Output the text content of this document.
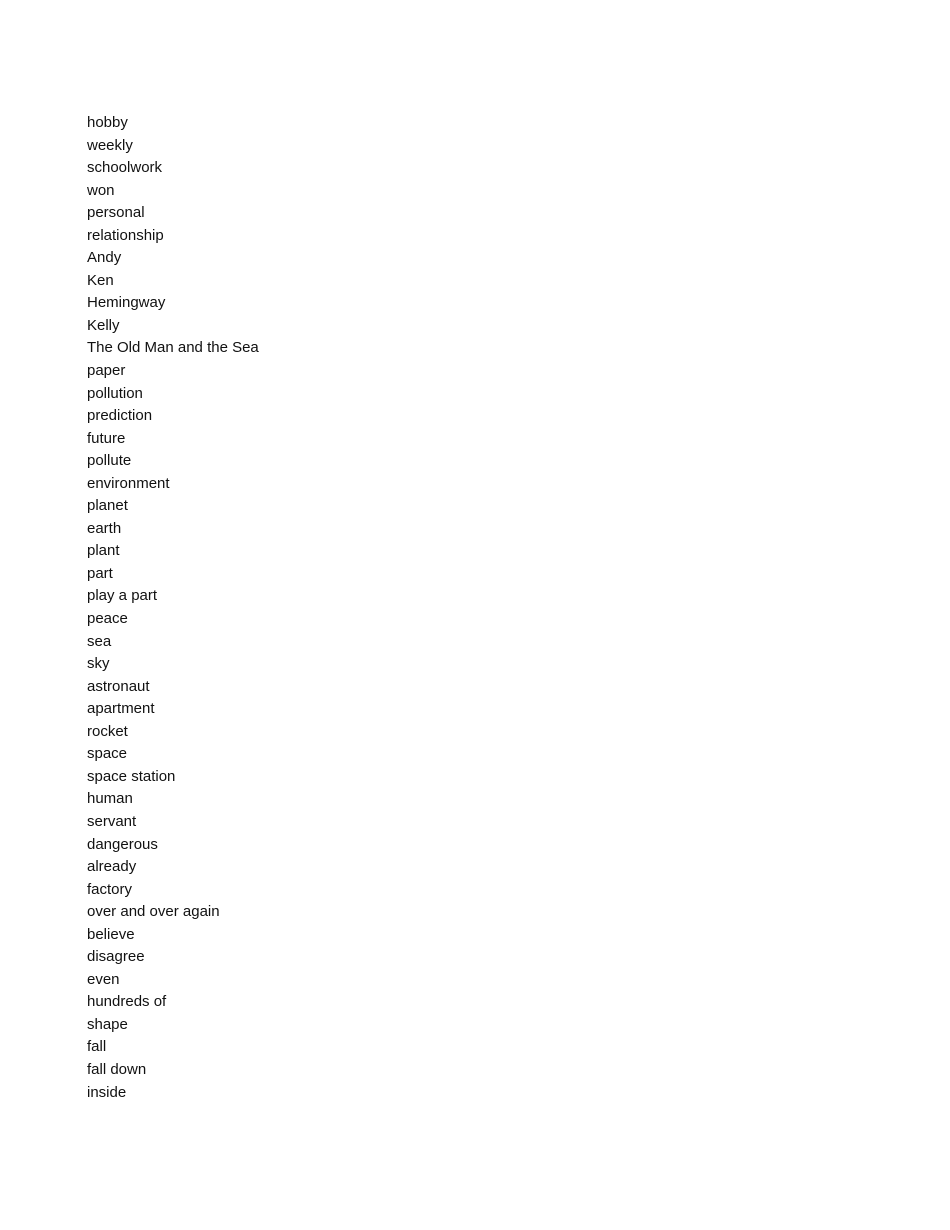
hobby
weekly
schoolwork
won
personal
relationship
Andy
Ken
Hemingway
Kelly
The Old Man and the Sea
paper
pollution
prediction
future
pollute
environment
planet
earth
plant
part
play a part
peace
sea
sky
astronaut
apartment
rocket
space
space station
human
servant
dangerous
already
factory
over and over again
believe
disagree
even
hundreds of
shape
fall
fall down
inside
